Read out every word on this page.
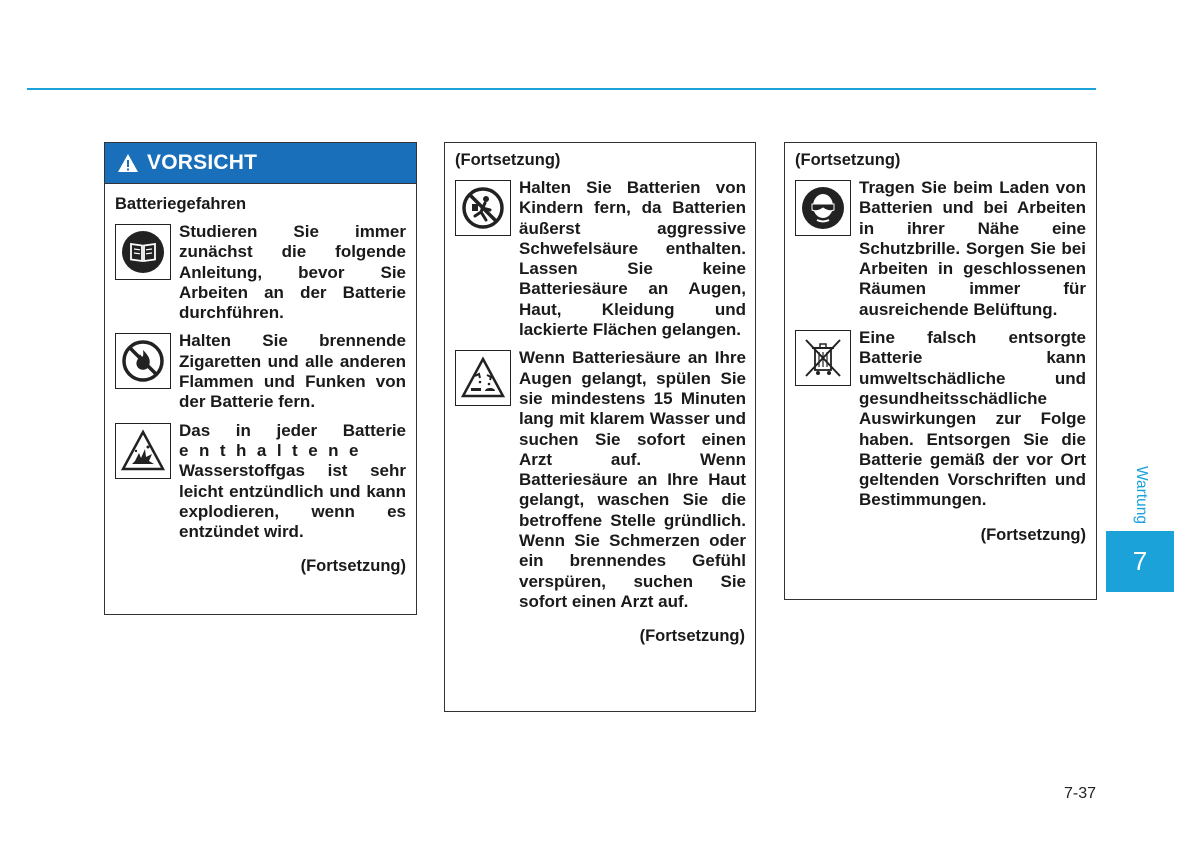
VORSICHT
Batteriegefahren
Studieren Sie immer zunächst die folgende Anleitung, bevor Sie Arbeiten an der Batterie durchführen.
Halten Sie brennende Zigaretten und alle anderen Flammen und Funken von der Batterie fern.
Das in jeder Batterie enthaltene Wasserstoffgas ist sehr leicht entzündlich und kann explodieren, wenn es entzündet wird.
(Fortsetzung)
(Fortsetzung)
Halten Sie Batterien von Kindern fern, da Batterien äußerst aggressive Schwefelsäure enthalten. Lassen Sie keine Batteriesäure an Augen, Haut, Kleidung und lackierte Flächen gelangen.
Wenn Batteriesäure an Ihre Augen gelangt, spülen Sie sie mindestens 15 Minuten lang mit klarem Wasser und suchen Sie sofort einen Arzt auf. Wenn Batteriesäure an Ihre Haut gelangt, waschen Sie die betroffene Stelle gründlich. Wenn Sie Schmerzen oder ein brennendes Gefühl verspüren, suchen Sie sofort einen Arzt auf.
(Fortsetzung)
(Fortsetzung)
Tragen Sie beim Laden von Batterien und bei Arbeiten in ihrer Nähe eine Schutzbrille. Sorgen Sie bei Arbeiten in geschlossenen Räumen immer für ausreichende Belüftung.
Eine falsch entsorgte Batterie kann umweltschädliche und gesundheitsschädliche Auswirkungen zur Folge haben. Entsorgen Sie die Batterie gemäß der vor Ort geltenden Vorschriften und Bestimmungen.
(Fortsetzung)
Wartung
7
7-37
